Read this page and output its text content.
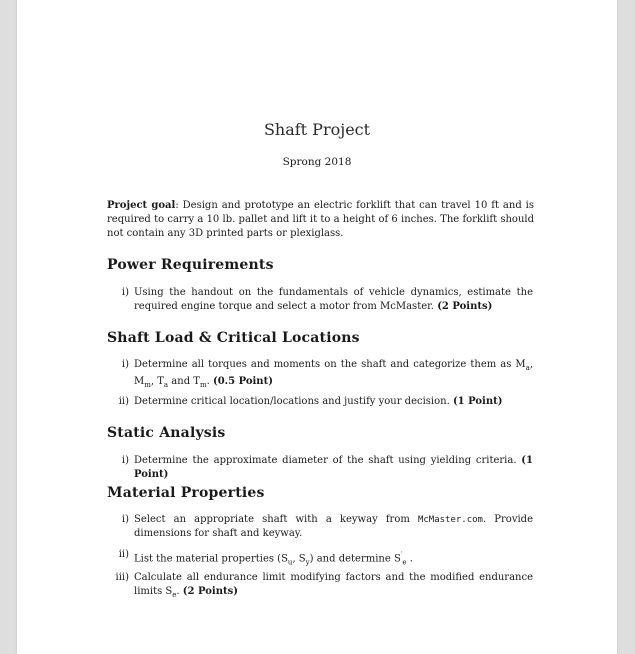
Shaft Project
Sprong 2018
Project goal: Design and prototype an electric forklift that can travel 10 ft and is required to carry a 10 lb. pallet and lift it to a height of 6 inches. The forklift should not contain any 3D printed parts or plexiglass.
Power Requirements
i) Using the handout on the fundamentals of vehicle dynamics, estimate the required engine torque and select a motor from McMaster. (2 Points)
Shaft Load & Critical Locations
i) Determine all torques and moments on the shaft and categorize them as $M_a$, $M_m$, $T_a$ and $T_m$. (0.5 Point)
ii) Determine critical location/locations and justify your decision. (1 Point)
Static Analysis
i) Determine the approximate diameter of the shaft using yielding criteria. (1 Point)
Material Properties
i) Select an appropriate shaft with a keyway from McMaster.com. Provide dimensions for shaft and keyway.
ii) List the material properties ($S_u$, $S_y$) and determine $S'_e$ .
iii) Calculate all endurance limit modifying factors and the modified endurance limits $S_e$. (2 Points)
